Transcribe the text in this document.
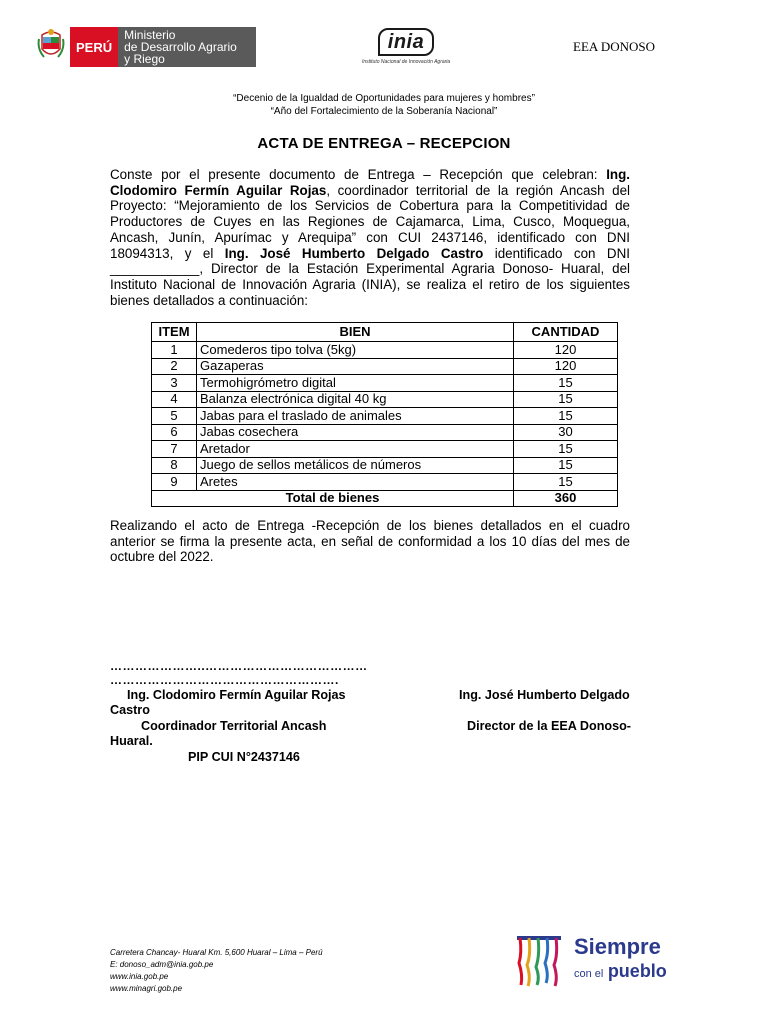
PERÚ
Ministerio
de Desarrollo Agrario
y Riego
inia
Instituto Nacional de Innovación Agraria
EEA DONOSO
“Decenio de la Igualdad de Oportunidades para mujeres y hombres”
“Año del Fortalecimiento de la Soberanía Nacional”
ACTA DE ENTREGA – RECEPCION
Conste por el presente documento de Entrega – Recepción que celebran: Ing. Clodomiro Fermín Aguilar Rojas, coordinador territorial de la región Ancash del Proyecto: “Mejoramiento de los Servicios de Cobertura para la Competitividad de Productores de Cuyes en las Regiones de Cajamarca, Lima, Cusco, Moquegua, Ancash, Junín, Apurímac y Arequipa” con CUI 2437146, identificado con DNI 18094313, y el Ing. José Humberto Delgado Castro identificado con DNI ____________, Director de la Estación Experimental Agraria Donoso- Huaral, del Instituto Nacional de Innovación Agraria (INIA), se realiza el retiro de los siguientes bienes detallados a continuación:
ITEM	BIEN	CANTIDAD
1	Comederos tipo tolva (5kg)	120
2	Gazaperas	120
3	Termohigrómetro digital	15
4	Balanza electrónica digital 40 kg	15
5	Jabas para el traslado de animales	15
6	Jabas cosechera	30
7	Aretador	15
8	Juego de sellos metálicos de números	15
9	Aretes	15
Total de bienes		360
Realizando el acto de Entrega -Recepción de los bienes detallados en el cuadro anterior se firma la presente acta, en señal de conformidad a los 10 días del mes de octubre del 2022.
…………………..…………………………………
……………………………………………….
Ing. Clodomiro Fermín Aguilar Rojas	Ing. José Humberto Delgado
Castro
Coordinador Territorial Ancash	Director de la EEA Donoso-
Huaral.
PIP CUI N°2437146
Carretera Chancay- Huaral Km. 5,600 Huaral – Lima – Perú
E: donoso_adm@inia.gob.pe
www.inia.gob.pe
www.minagri.gob.pe
Siempre
con el pueblo
